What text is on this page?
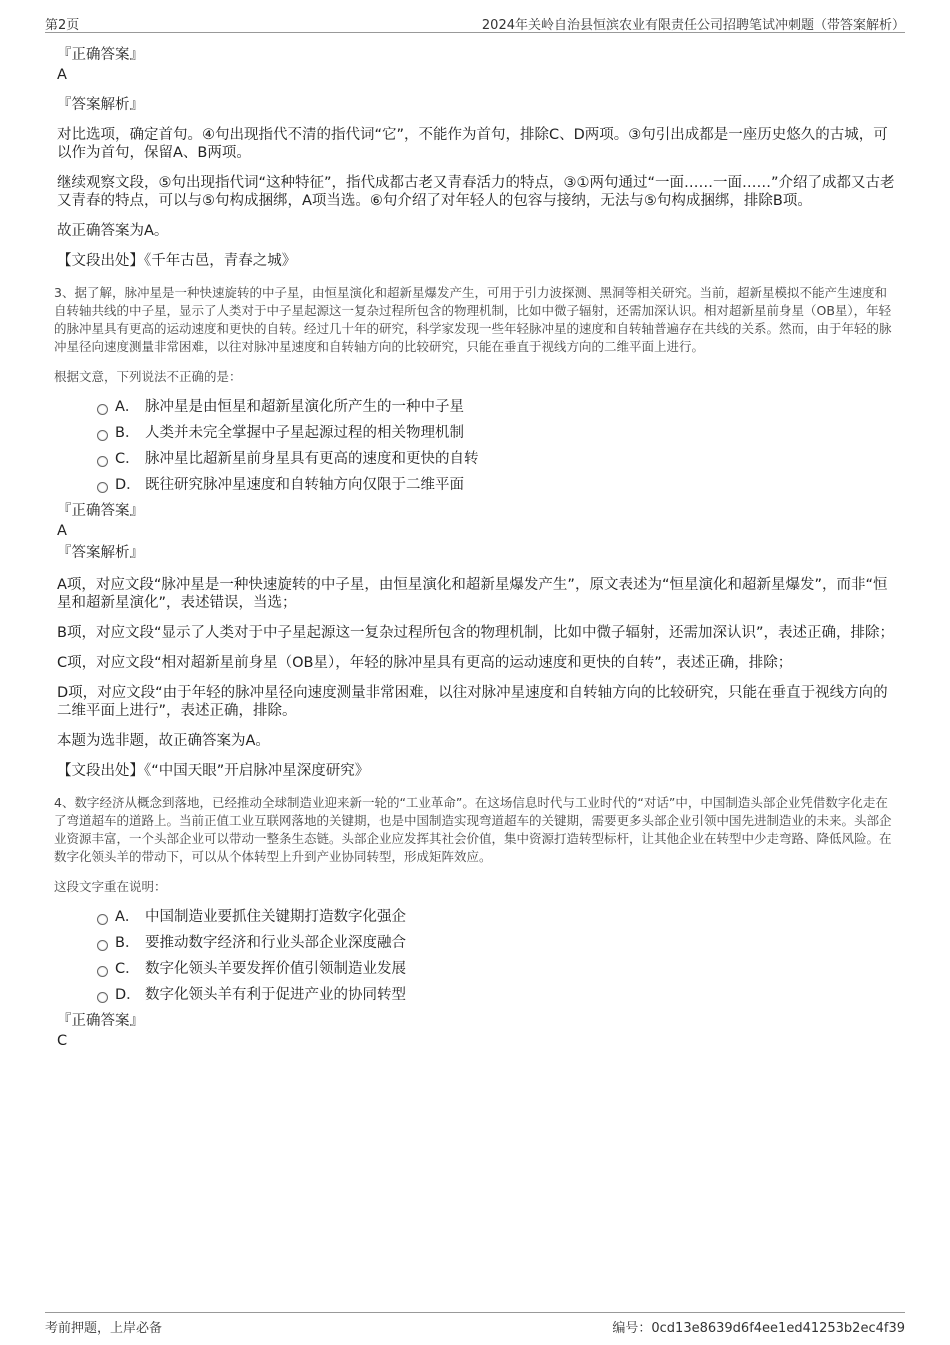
第2页	2024年关岭自治县恒滨农业有限责任公司招聘笔试冲刺题（带答案解析）

『正确答案』

A

『答案解析』

对比选项，确定首句。④句出现指代不清的指代词“它”，不能作为首句，排除C、D两项。③句引出成都是一座历史悠久的古城，可以作为首句，保留A、B两项。

继续观察文段，⑤句出现指代词“这种特征”，指代成都古老又青春活力的特点，③①两句通过“一面……一面……”介绍了成都又古老又青春的特点，可以与⑤句构成捆绑，A项当选。⑥句介绍了对年轻人的包容与接纳，无法与⑤句构成捆绑，排除B项。

故正确答案为A。

【文段出处】《千年古邑，青春之城》

3、据了解，脉冲星是一种快速旋转的中子星，由恒星演化和超新星爆发产生，可用于引力波探测、黑洞等相关研究。当前，超新星模拟不能产生速度和自转轴共线的中子星，显示了人类对于中子星起源这一复杂过程所包含的物理机制，比如中微子辐射，还需加深认识。相对超新星前身星（OB星），年轻的脉冲星具有更高的运动速度和更快的自转。经过几十年的研究，科学家发现一些年轻脉冲星的速度和自转轴普遍存在共线的关系。然而，由于年轻的脉冲星径向速度测量非常困难，以往对脉冲星速度和自转轴方向的比较研究，只能在垂直于视线方向的二维平面上进行。

根据文意，下列说法不正确的是：

A． 脉冲星是由恒星和超新星演化所产生的一种中子星
B． 人类并未完全掌握中子星起源过程的相关物理机制
C． 脉冲星比超新星前身星具有更高的速度和更快的自转
D． 既往研究脉冲星速度和自转轴方向仅限于二维平面

『正确答案』

A

『答案解析』

A项，对应文段“脉冲星是一种快速旋转的中子星，由恒星演化和超新星爆发产生”，原文表述为“恒星演化和超新星爆发”，而非“恒星和超新星演化”，表述错误，当选；

B项，对应文段“显示了人类对于中子星起源这一复杂过程所包含的物理机制，比如中微子辐射，还需加深认识”，表述正确，排除；

C项，对应文段“相对超新星前身星（OB星），年轻的脉冲星具有更高的运动速度和更快的自转”，表述正确，排除；

D项，对应文段“由于年轻的脉冲星径向速度测量非常困难，以往对脉冲星速度和自转轴方向的比较研究，只能在垂直于视线方向的二维平面上进行”，表述正确，排除。

本题为选非题，故正确答案为A。

【文段出处】《“中国天眼”开启脉冲星深度研究》

4、数字经济从概念到落地，已经推动全球制造业迎来新一轮的“工业革命”。在这场信息时代与工业时代的“对话”中，中国制造头部企业凭借数字化走在了弯道超车的道路上。当前正值工业互联网落地的关键期，也是中国制造实现弯道超车的关键期，需要更多头部企业引领中国先进制造业的未来。头部企业资源丰富，一个头部企业可以带动一整条生态链。头部企业应发挥其社会价值，集中资源打造转型标杆，让其他企业在转型中少走弯路、降低风险。在数字化领头羊的带动下，可以从个体转型上升到产业协同转型，形成矩阵效应。

这段文字重在说明：

A． 中国制造业要抓住关键期打造数字化强企
B． 要推动数字经济和行业头部企业深度融合
C． 数字化领头羊要发挥价值引领制造业发展
D． 数字化领头羊有利于促进产业的协同转型

『正确答案』

C

考前押题，上岸必备	编号：0cd13e8639d6f4ee1ed41253b2ec4f39
